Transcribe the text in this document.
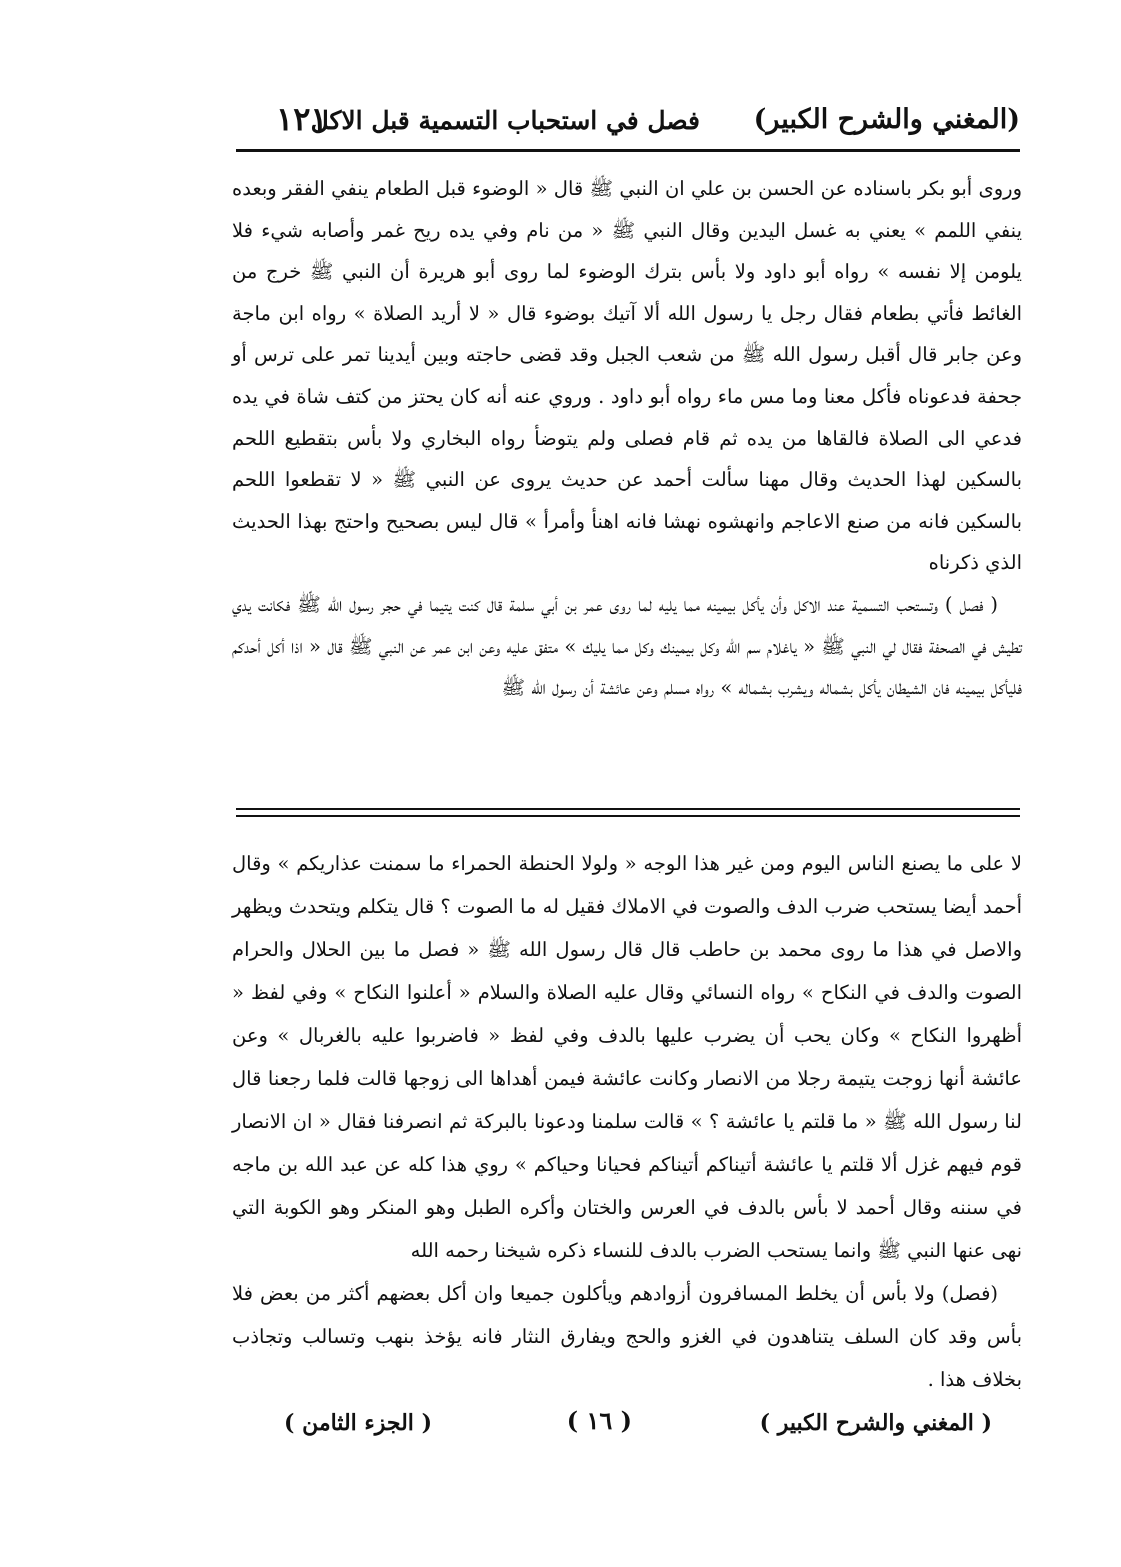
(المغني والشرح الكبير)
فصل في استحباب التسمية قبل الاكل
١٢١

وروى أبو بكر باسناده عن الحسن بن علي ان النبي ﷺ قال « الوضوء قبل الطعام ينفي الفقر وبعده ينفي اللمم » يعني به غسل اليدين وقال النبي ﷺ « من نام وفي يده ريح غمر وأصابه شيء فلا يلومن إلا نفسه » رواه أبو داود ولا بأس بترك الوضوء لما روى أبو هريرة أن النبي ﷺ خرج من الغائط فأتي بطعام فقال رجل يا رسول الله ألا آتيك بوضوء قال « لا أريد الصلاة » رواه ابن ماجة وعن جابر قال أقبل رسول الله ﷺ من شعب الجبل وقد قضى حاجته وبين أيدينا تمر على ترس أو جحفة فدعوناه فأكل معنا وما مس ماء رواه أبو داود . وروي عنه أنه كان يحتز من كتف شاة في يده فدعي الى الصلاة فالقاها من يده ثم قام فصلى ولم يتوضأ رواه البخاري ولا بأس بتقطيع اللحم بالسكين لهذا الحديث وقال مهنا سألت أحمد عن حديث يروى عن النبي ﷺ « لا تقطعوا اللحم بالسكين فانه من صنع الاعاجم وانهشوه نهشا فانه اهنأ وأمرأ » قال ليس بصحيح واحتج بهذا الحديث الذي ذكرناه

( فصل ) وتستحب التسمية عند الاكل وأن يأكل بيمينه مما يليه لما روى عمر بن أبي سلمة قال كنت يتيما في حجر رسول الله ﷺ فكانت يدي تطيش في الصحفة فقال لي النبي ﷺ « ياغلام سم الله وكل بيمينك وكل مما يليك » متفق عليه وعن ابن عمر عن النبي ﷺ قال « اذا أكل أحدكم فليأكل بيمينه فان الشيطان يأكل بشماله ويشرب بشماله » رواه مسلم وعن عائشة أن رسول الله ﷺ

لا على ما يصنع الناس اليوم ومن غير هذا الوجه « ولولا الحنطة الحمراء ما سمنت عذاريكم » وقال أحمد أيضا يستحب ضرب الدف والصوت في الاملاك فقيل له ما الصوت ؟ قال يتكلم ويتحدث ويظهر والاصل في هذا ما روى محمد بن حاطب قال قال رسول الله ﷺ « فصل ما بين الحلال والحرام الصوت والدف في النكاح » رواه النسائي وقال عليه الصلاة والسلام « أعلنوا النكاح » وفي لفظ « أظهروا النكاح » وكان يحب أن يضرب عليها بالدف وفي لفظ « فاضربوا عليه بالغربال » وعن عائشة أنها زوجت يتيمة رجلا من الانصار وكانت عائشة فيمن أهداها الى زوجها قالت فلما رجعنا قال لنا رسول الله ﷺ « ما قلتم يا عائشة ؟ » قالت سلمنا ودعونا بالبركة ثم انصرفنا فقال « ان الانصار قوم فيهم غزل ألا قلتم يا عائشة أتيناكم أتيناكم فحيانا وحياكم » روي هذا كله عن عبد الله بن ماجه في سننه وقال أحمد لا بأس بالدف في العرس والختان وأكره الطبل وهو المنكر وهو الكوبة التي نهى عنها النبي ﷺ وانما يستحب الضرب بالدف للنساء ذكره شيخنا رحمه الله

(فصل) ولا بأس أن يخلط المسافرون أزوادهم ويأكلون جميعا وان أكل بعضهم أكثر من بعض فلا بأس وقد كان السلف يتناهدون في الغزو والحج ويفارق النثار فانه يؤخذ بنهب وتسالب وتجاذب بخلاف هذا .

( المغني والشرح الكبير )
( ١٦ )
( الجزء الثامن )
